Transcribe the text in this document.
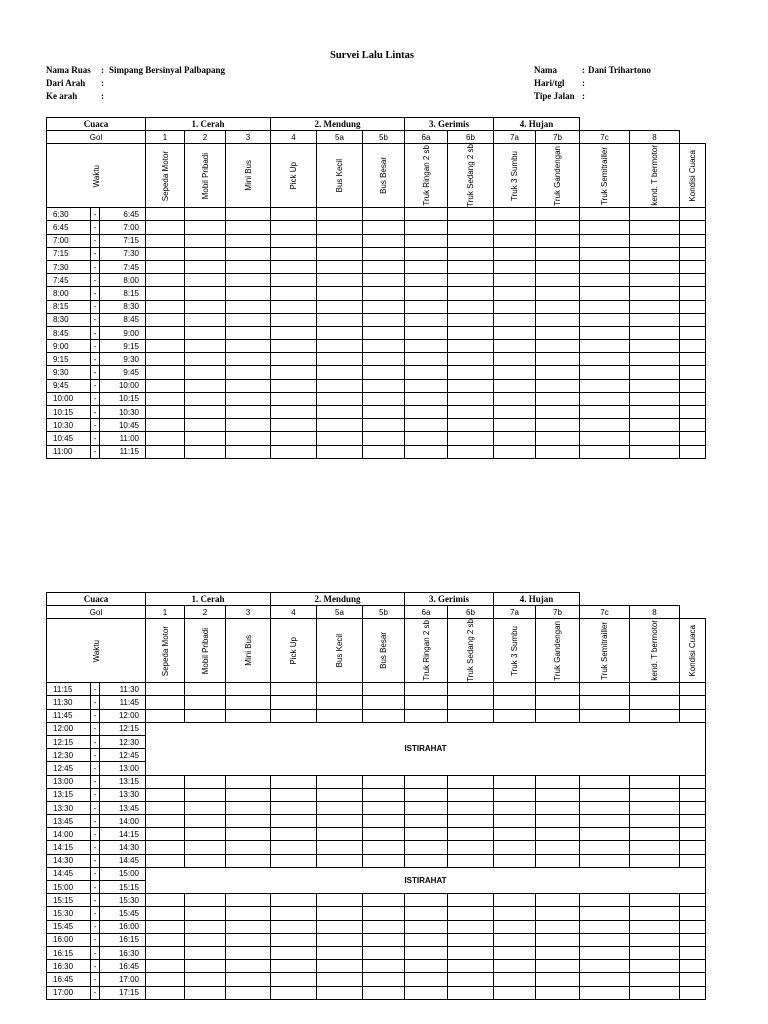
Survei Lalu Lintas
Nama Ruas	: Simpang Bersinyal Palbapang
Dari Arah	:
Ke arah	:
Nama	: Dani Trihartono
Hari/tgl	:
Tipe Jalan :
Cuaca			1. Cerah			2. Mendung			3. Gerimis		4. Hujan				
Gol			1	2	3	4	5a	5b	6a	6b	7a	7b	7c	8	

Waktu			Sepeda Motor	Mobil Pribadi	Mini Bus	Pick Up	Bus Kecil	Bus Besar	Truk Ringan 2 sb	Truk Sedang 2 sb	Truk 3 Sumbu	Truk Gandengan	Truk Semitrailler	kend. T bermotor	Kondisi Cuaca

6:30	-	6:45													
6:45	-	7:00													
7:00	-	7:15													
7:15	-	7:30													
7:30	-	7:45													
7:45	-	8:00													
8:00	-	8:15													
8:15	-	8:30													
8:30	-	8:45													
8:45	-	9:00													
9:00	-	9:15													
9:15	-	9:30													
9:30	-	9:45													
9:45	-	10:00													
10:00	-	10:15													
10:15	-	10:30													
10:30	-	10:45													
10:45	-	11:00													
11:00	-	11:15													
Cuaca			1. Cerah			2. Mendung			3. Gerimis		4. Hujan				
Gol			1	2	3	4	5a	5b	6a	6b	7a	7b	7c	8	

Waktu			Sepeda Motor	Mobil Pribadi	Mini Bus	Pick Up	Bus Kecil	Bus Besar	Truk Ringan 2 sb	Truk Sedang 2 sb	Truk 3 Sumbu	Truk Gandengan	Truk Semitrailler	kend. T bermotor	Kondisi Cuaca

11:15	-	11:30													
11:30	-	11:45													
11:45	-	12:00													
12:00	-	12:15	ISTIRAHAT												
12:15	-	12:30													
12:30	-	12:45													
12:45	-	13:00													
13:00	-	13:15													
13:15	-	13:30													
13:30	-	13:45													
13:45	-	14:00													
14:00	-	14:15													
14:15	-	14:30													
14:30	-	14:45													
14:45	-	15:00	ISTIRAHAT												
15:00	-	15:15													
15:15	-	15:30													
15:30	-	15:45													
15:45	-	16:00													
16:00	-	16:15													
16:15	-	16:30													
16:30	-	16:45													
16:45	-	17:00													
17:00	-	17:15													
